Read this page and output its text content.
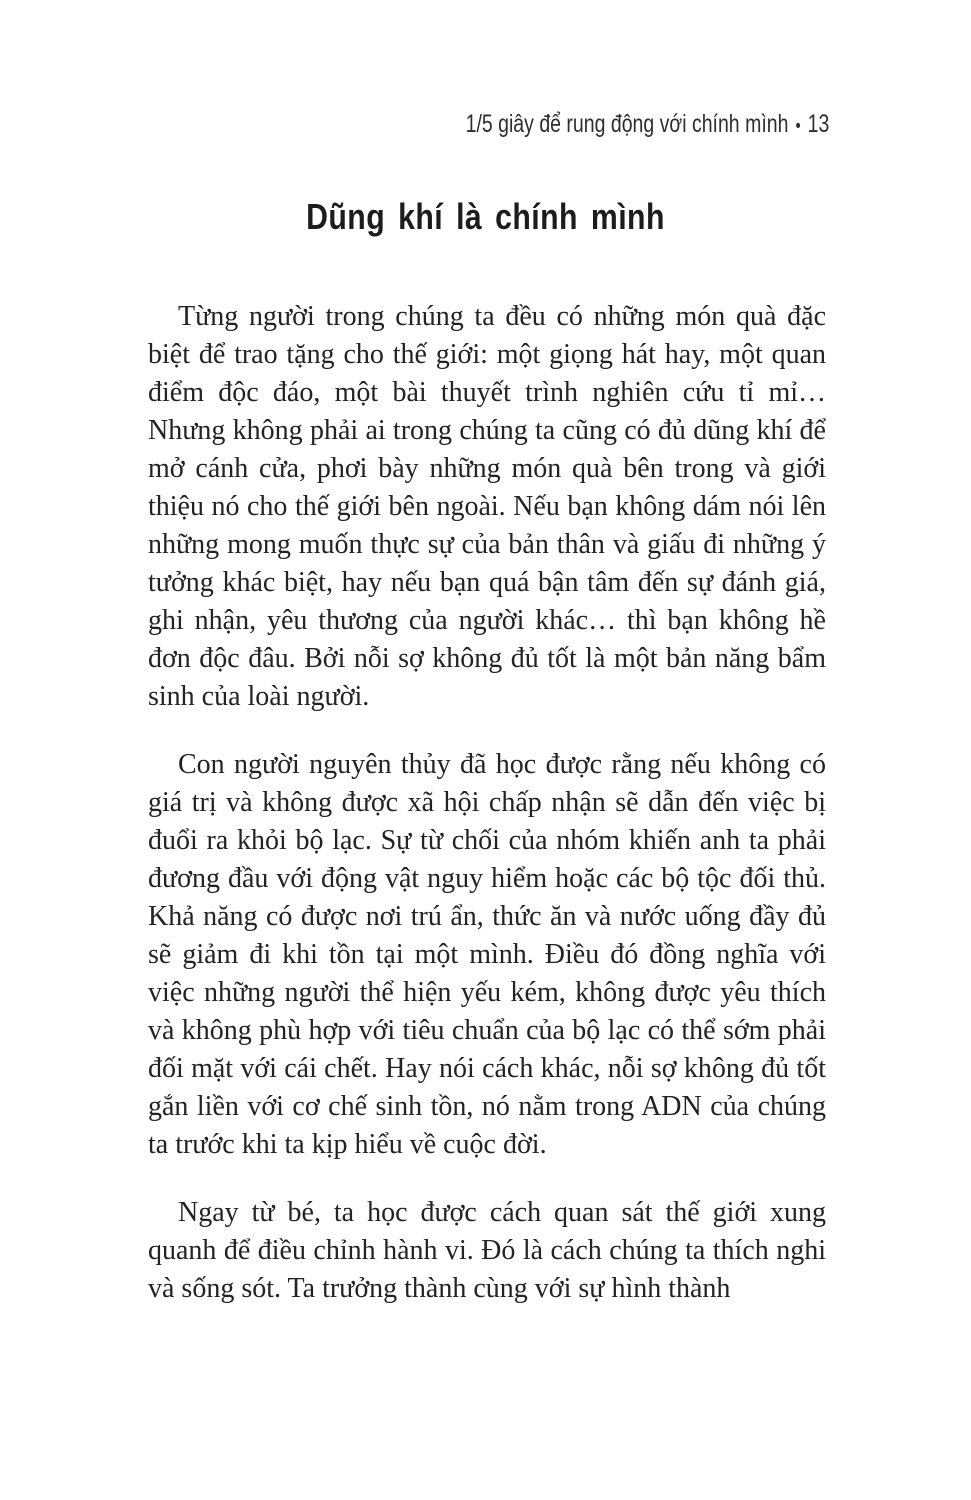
1/5 giây để rung động với chính mình • 13
Dũng khí là chính mình

Từng người trong chúng ta đều có những món quà đặc biệt để trao tặng cho thế giới: một giọng hát hay, một quan điểm độc đáo, một bài thuyết trình nghiên cứu tỉ mỉ… Nhưng không phải ai trong chúng ta cũng có đủ dũng khí để mở cánh cửa, phơi bày những món quà bên trong và giới thiệu nó cho thế giới bên ngoài. Nếu bạn không dám nói lên những mong muốn thực sự của bản thân và giấu đi những ý tưởng khác biệt, hay nếu bạn quá bận tâm đến sự đánh giá, ghi nhận, yêu thương của người khác… thì bạn không hề đơn độc đâu. Bởi nỗi sợ không đủ tốt là một bản năng bẩm sinh của loài người.

Con người nguyên thủy đã học được rằng nếu không có giá trị và không được xã hội chấp nhận sẽ dẫn đến việc bị đuổi ra khỏi bộ lạc. Sự từ chối của nhóm khiến anh ta phải đương đầu với động vật nguy hiểm hoặc các bộ tộc đối thủ. Khả năng có được nơi trú ẩn, thức ăn và nước uống đầy đủ sẽ giảm đi khi tồn tại một mình. Điều đó đồng nghĩa với việc những người thể hiện yếu kém, không được yêu thích và không phù hợp với tiêu chuẩn của bộ lạc có thể sớm phải đối mặt với cái chết. Hay nói cách khác, nỗi sợ không đủ tốt gắn liền với cơ chế sinh tồn, nó nằm trong ADN của chúng ta trước khi ta kịp hiểu về cuộc đời.

Ngay từ bé, ta học được cách quan sát thế giới xung quanh để điều chỉnh hành vi. Đó là cách chúng ta thích nghi và sống sót. Ta trưởng thành cùng với sự hình thành
